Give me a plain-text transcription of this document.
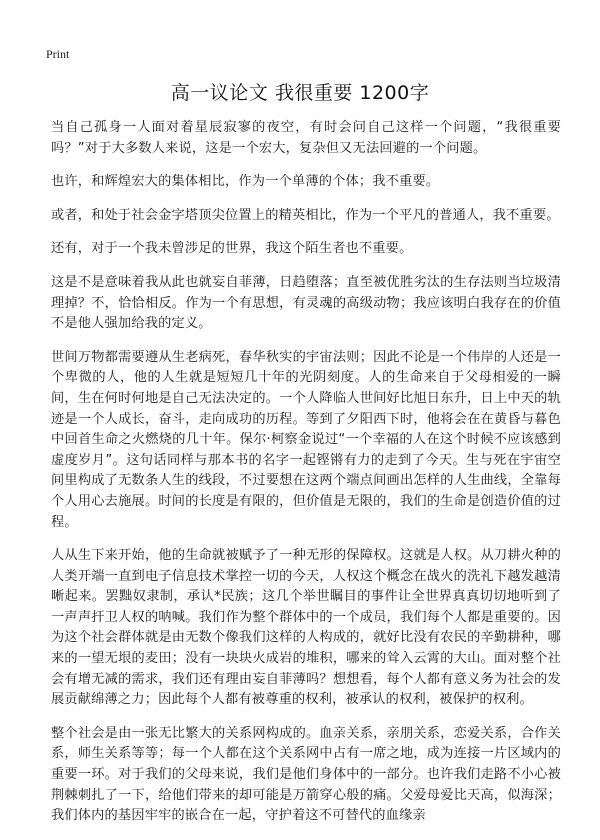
Print
高一议论文 我很重要 1200字

当自己孤身一人面对着星辰寂寥的夜空，有时会问自己这样一个问题，“我很重要吗？”对于大多数人来说，这是一个宏大，复杂但又无法回避的一个问题。

也许，和辉煌宏大的集体相比，作为一个单薄的个体；我不重要。

或者，和处于社会金字塔顶尖位置上的精英相比，作为一个平凡的普通人，我不重要。

还有，对于一个我未曾涉足的世界，我这个陌生者也不重要。

这是不是意味着我从此也就妄自菲薄，日趋堕落；直至被优胜劣汰的生存法则当垃圾清理掉？不，恰恰相反。作为一个有思想，有灵魂的高级动物；我应该明白我存在的价值不是他人强加给我的定义。

世间万物都需要遵从生老病死，春华秋实的宇宙法则；因此不论是一个伟岸的人还是一个卑微的人，他的人生就是短短几十年的光阴刻度。人的生命来自于父母相爱的一瞬间，生在何时何地是自己无法决定的。一个人降临人世间好比旭日东升，日上中天的轨迹是一个人成长，奋斗，走向成功的历程。等到了夕阳西下时，他将会在在黄昏与暮色中回首生命之火燃烧的几十年。保尔·柯察金说过“一个幸福的人在这个时候不应该感到虚度岁月”。这句话同样与那本书的名字一起铿锵有力的走到了今天。生与死在宇宙空间里构成了无数条人生的线段，不过要想在这两个端点间画出怎样的人生曲线，全靠每个人用心去施展。时间的长度是有限的，但价值是无限的，我们的生命是创造价值的过程。

人从生下来开始，他的生命就被赋予了一种无形的保障权。这就是人权。从刀耕火种的人类开端一直到电子信息技术掌控一切的今天，人权这个概念在战火的洗礼下越发越清晰起来。罢黜奴隶制，承认*民族；这几个举世瞩目的事件让全世界真真切切地听到了一声声扞卫人权的呐喊。我们作为整个群体中的一个成员，我们每个人都是重要的。因为这个社会群体就是由无数个像我们这样的人构成的，就好比没有农民的辛勤耕种，哪来的一望无垠的麦田；没有一块块火成岩的堆积，哪来的耸入云霄的大山。面对整个社会有增无减的需求，我们还有理由妄自菲薄吗？想想看，每个人都有意义务为社会的发展贡献绵薄之力；因此每个人都有被尊重的权利，被承认的权利，被保护的权利。

整个社会是由一张无比繁大的关系网构成的。血亲关系，亲朋关系，恋爱关系，合作关系，师生关系等等；每一个人都在这个关系网中占有一席之地，成为连接一片区域内的重要一环。对于我们的父母来说，我们是他们身体中的一部分。也许我们走路不小心被荆棘刺扎了一下，给他们带来的却可能是万箭穿心般的痛。父爱母爱比天高，似海深；我们体内的基因牢牢的嵌合在一起，守护着这不可替代的血缘亲
